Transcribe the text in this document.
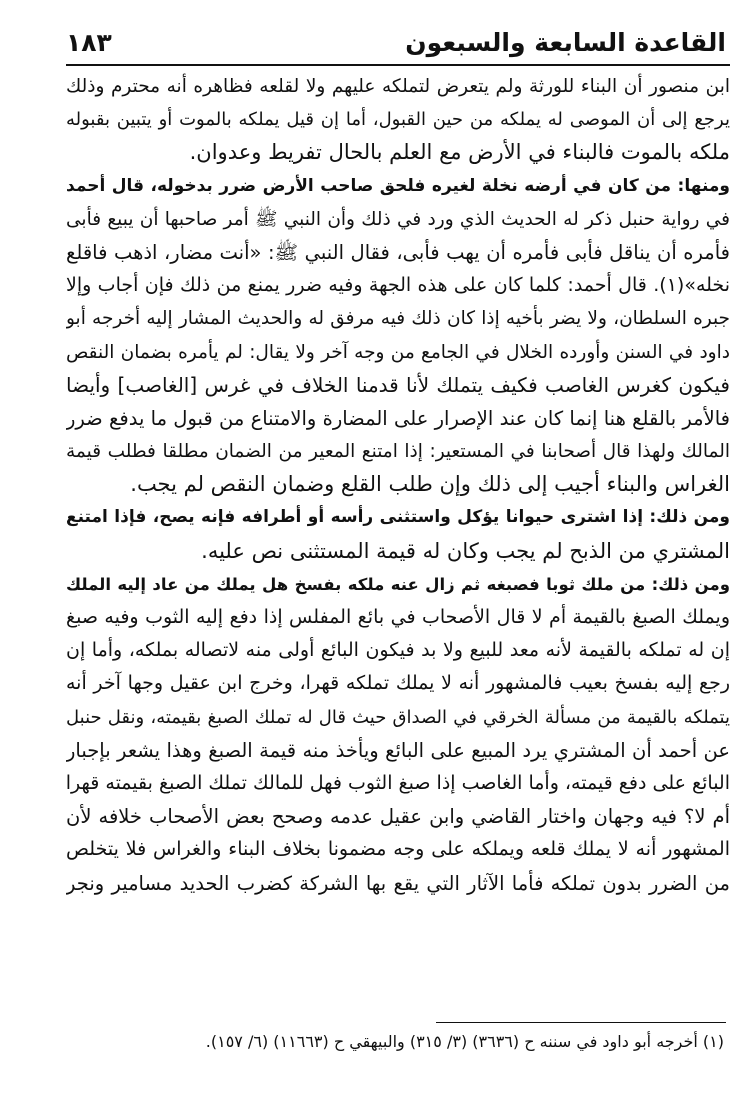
القاعدة السابعة والسبعون
١٨٣
ابن منصور أن البناء للورثة ولم يتعرض لتملكه عليهم ولا لقلعه فظاهره أنه محترم وذلك
يرجع إلى أن الموصى له يملكه من حين القبول، أما إن قيل يملكه بالموت أو يتبين بقبوله
ملكه بالموت فالبناء في الأرض مع العلم بالحال تفريط وعدوان.
ومنها: من كان في أرضه نخلة لغيره فلحق صاحب الأرض ضرر بدخوله، قال أحمد
في رواية حنبل ذكر له الحديث الذي ورد في ذلك وأن النبي ﷺ أمر صاحبها أن يبيع فأبى
فأمره أن يناقل فأبى فأمره أن يهب فأبى، فقال النبي ﷺ: «أنت مضار، اذهب فاقلع
نخله»(١). قال أحمد: كلما كان على هذه الجهة وفيه ضرر يمنع من ذلك فإن أجاب وإلا
جبره السلطان، ولا يضر بأخيه إذا كان ذلك فيه مرفق له والحديث المشار إليه أخرجه أبو
داود في السنن وأورده الخلال في الجامع من وجه آخر ولا يقال: لم يأمره بضمان النقص
فيكون كغرس الغاصب فكيف يتملك لأنا قدمنا الخلاف في غرس [الغاصب] وأيضا
فالأمر بالقلع هنا إنما كان عند الإصرار على المضارة والامتناع من قبول ما يدفع ضرر
المالك ولهذا قال أصحابنا في المستعير: إذا امتنع المعير من الضمان مطلقا فطلب قيمة
الغراس والبناء أجيب إلى ذلك وإن طلب القلع وضمان النقص لم يجب.
ومن ذلك: إذا اشترى حيوانا يؤكل واستثنى رأسه أو أطرافه فإنه يصح، فإذا امتنع
المشتري من الذبح لم يجب وكان له قيمة المستثنى نص عليه.
ومن ذلك: من ملك ثوبا فصبغه ثم زال عنه ملكه بفسخ هل يملك من عاد إليه الملك
ويملك الصبغ بالقيمة أم لا قال الأصحاب في بائع المفلس إذا دفع إليه الثوب وفيه صبغ
إن له تملكه بالقيمة لأنه معد للبيع ولا بد فيكون البائع أولى منه لاتصاله بملكه، وأما إن
رجع إليه بفسخ بعيب فالمشهور أنه لا يملك تملكه قهرا، وخرج ابن عقيل وجها آخر أنه
يتملكه بالقيمة من مسألة الخرقي في الصداق حيث قال له تملك الصبغ بقيمته، ونقل حنبل
عن أحمد أن المشتري يرد المبيع على البائع ويأخذ منه قيمة الصبغ وهذا يشعر بإجبار
البائع على دفع قيمته، وأما الغاصب إذا صبغ الثوب فهل للمالك تملك الصبغ بقيمته قهرا
أم لا؟ فيه وجهان واختار القاضي وابن عقيل عدمه وصحح بعض الأصحاب خلافه لأن
المشهور أنه لا يملك قلعه ويملكه على وجه مضمونا بخلاف البناء والغراس فلا يتخلص
من الضرر بدون تملكه فأما الآثار التي يقع بها الشركة كضرب الحديد مسامير ونجر
(١) أخرجه أبو داود في سننه ح (٣٦٣٦) (٣/ ٣١٥) والبيهقي ح (١١٦٦٣) (٦/ ١٥٧).
